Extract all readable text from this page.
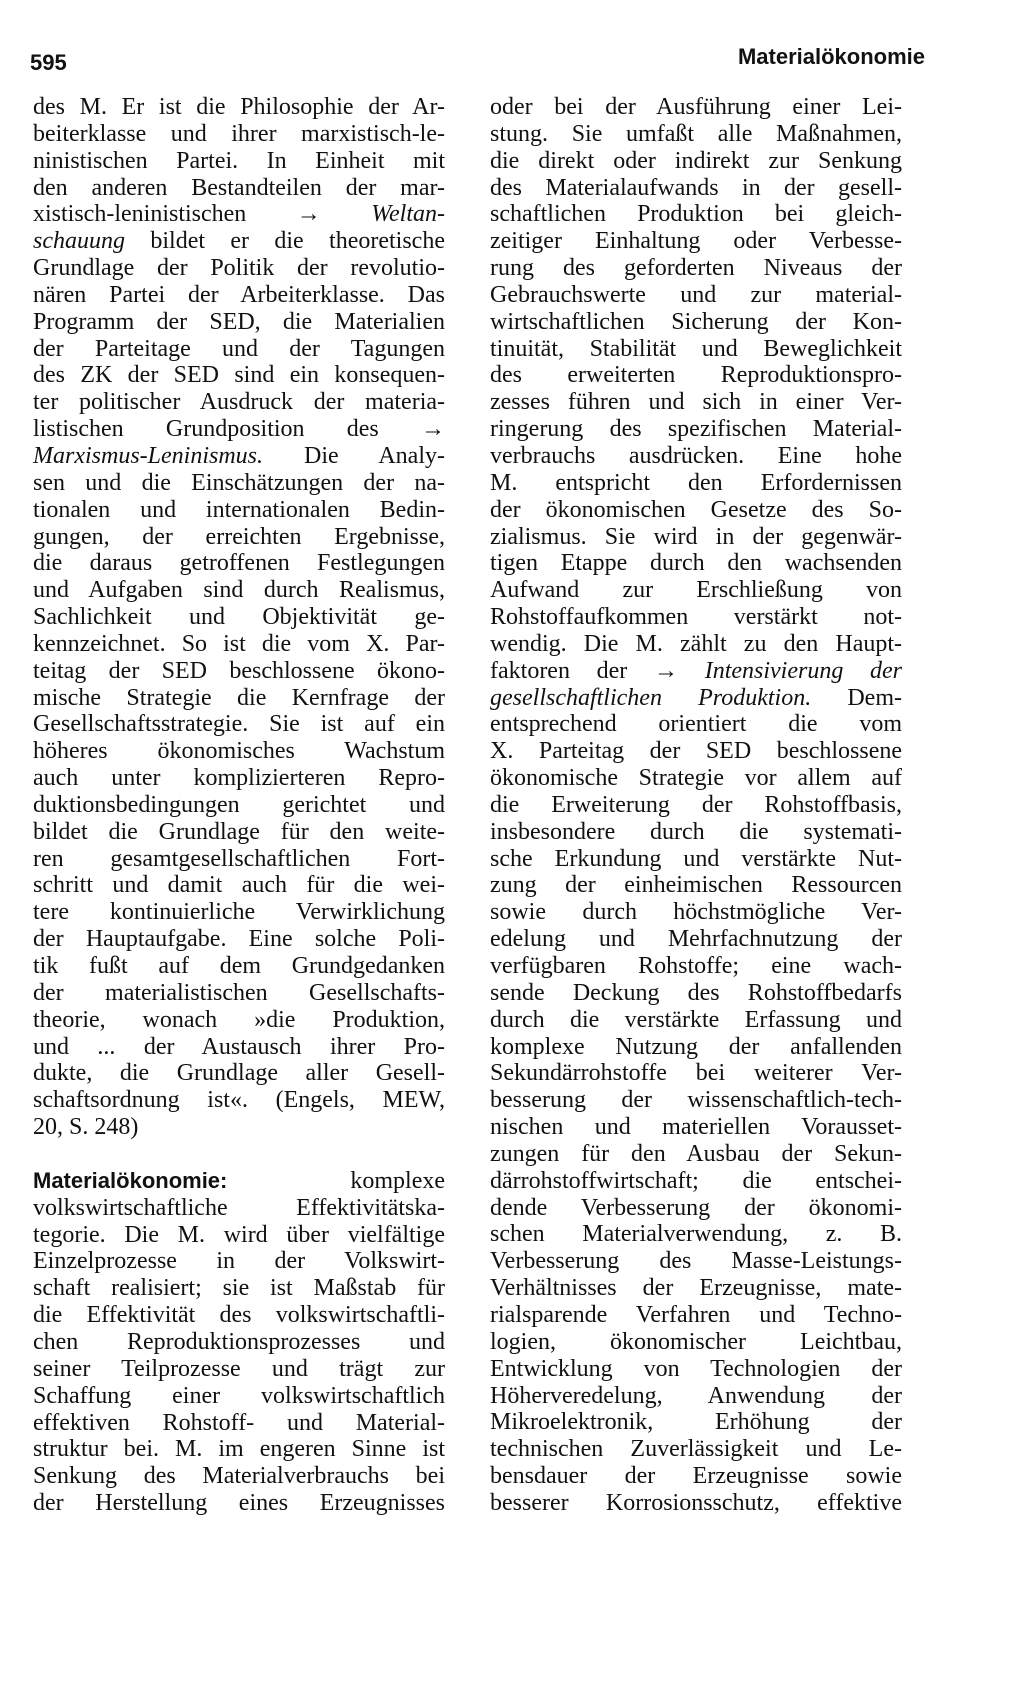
595	Materialökonomie
des M. Er ist die Philosophie der Ar-
beiterklasse und ihrer marxistisch-le-
ninistischen Partei. In Einheit mit
den anderen Bestandteilen der mar-
xistisch-leninistischen → Weltan-
schauung bildet er die theoretische
Grundlage der Politik der revolutio-
nären Partei der Arbeiterklasse. Das
Programm der SED, die Materialien
der Parteitage und der Tagungen
des ZK der SED sind ein konsequen-
ter politischer Ausdruck der materia-
listischen Grundposition des →
Marxismus-Leninismus. Die Analy-
sen und die Einschätzungen der na-
tionalen und internationalen Bedin-
gungen, der erreichten Ergebnisse,
die daraus getroffenen Festlegungen
und Aufgaben sind durch Realismus,
Sachlichkeit und Objektivität ge-
kennzeichnet. So ist die vom X. Par-
teitag der SED beschlossene ökono-
mische Strategie die Kernfrage der
Gesellschaftsstrategie. Sie ist auf ein
höheres ökonomisches Wachstum
auch unter komplizierteren Repro-
duktionsbedingungen gerichtet und
bildet die Grundlage für den weite-
ren gesamtgesellschaftlichen Fort-
schritt und damit auch für die wei-
tere kontinuierliche Verwirklichung
der Hauptaufgabe. Eine solche Poli-
tik fußt auf dem Grundgedanken
der materialistischen Gesellschafts-
theorie, wonach »die Produktion,
und ... der Austausch ihrer Pro-
dukte, die Grundlage aller Gesell-
schaftsordnung ist«. (Engels, MEW,
20, S. 248)
Materialökonomie:	komplexe
volkswirtschaftliche Effektivitätska-
tegorie. Die M. wird über vielfältige
Einzelprozesse in der Volkswirt-
schaft realisiert; sie ist Maßstab für
die Effektivität des volkswirtschaftli-
chen Reproduktionsprozesses und
seiner Teilprozesse und trägt zur
Schaffung einer volkswirtschaftlich
effektiven Rohstoff- und Material-
struktur bei. M. im engeren Sinne ist
Senkung des Materialverbrauchs bei
der Herstellung eines Erzeugnisses
oder bei der Ausführung einer Lei-
stung. Sie umfaßt alle Maßnahmen,
die direkt oder indirekt zur Senkung
des Materialaufwands in der gesell-
schaftlichen Produktion bei gleich-
zeitiger Einhaltung oder Verbesse-
rung des geforderten Niveaus der
Gebrauchswerte und zur material-
wirtschaftlichen Sicherung der Kon-
tinuität, Stabilität und Beweglichkeit
des erweiterten Reproduktionspro-
zesses führen und sich in einer Ver-
ringerung des spezifischen Material-
verbrauchs ausdrücken. Eine hohe
M. entspricht den Erfordernissen
der ökonomischen Gesetze des So-
zialismus. Sie wird in der gegenwär-
tigen Etappe durch den wachsenden
Aufwand zur Erschließung von
Rohstoffaufkommen verstärkt not-
wendig. Die M. zählt zu den Haupt-
faktoren der → Intensivierung der
gesellschaftlichen Produktion. Dem-
entsprechend orientiert die vom
X. Parteitag der SED beschlossene
ökonomische Strategie vor allem auf
die Erweiterung der Rohstoffbasis,
insbesondere durch die systemati-
sche Erkundung und verstärkte Nut-
zung der einheimischen Ressourcen
sowie durch höchstmögliche Ver-
edelung und Mehrfachnutzung der
verfügbaren Rohstoffe; eine wach-
sende Deckung des Rohstoffbedarfs
durch die verstärkte Erfassung und
komplexe Nutzung der anfallenden
Sekundärrohstoffe bei weiterer Ver-
besserung der wissenschaftlich-tech-
nischen und materiellen Vorausset-
zungen für den Ausbau der Sekun-
därrohstoffwirtschaft; die entschei-
dende Verbesserung der ökonomi-
schen Materialverwendung, z. B.
Verbesserung des Masse-Leistungs-
Verhältnisses der Erzeugnisse, mate-
rialsparende Verfahren und Techno-
logien, ökonomischer Leichtbau,
Entwicklung von Technologien der
Höherveredelung, Anwendung der
Mikroelektronik, Erhöhung der
technischen Zuverlässigkeit und Le-
bensdauer der Erzeugnisse sowie
besserer Korrosionsschutz, effektive
